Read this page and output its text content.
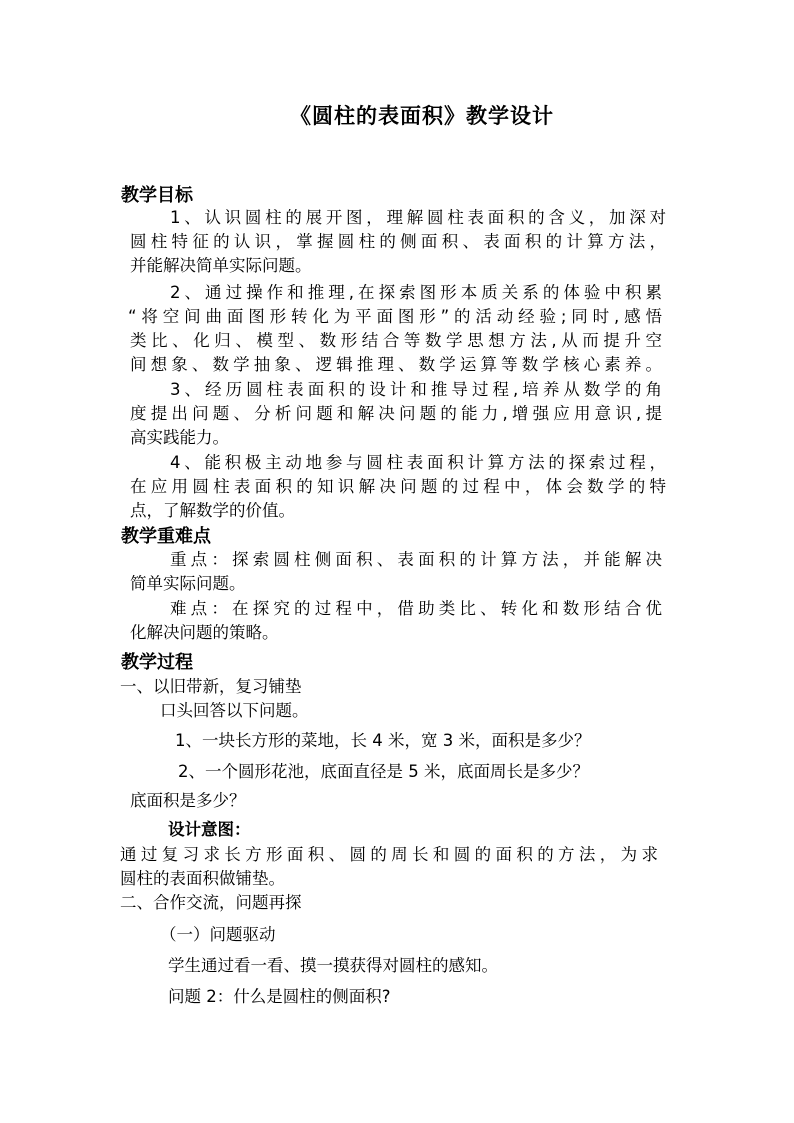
《圆柱的表面积》教学设计
教学目标
1、认识圆柱的展开图，理解圆柱表面积的含义，加深对
圆柱特征的认识，掌握圆柱的侧面积、表面积的计算方法，
并能解决简单实际问题。
2、通过操作和推理,在探索图形本质关系的体验中积累
“将空间曲面图形转化为平面图形”的活动经验;同时,感悟
类比、化归、模型、数形结合等数学思想方法,从而提升空
间想象、数学抽象、逻辑推理、数学运算等数学核心素养。
3、经历圆柱表面积的设计和推导过程,培养从数学的角
度提出问题、分析问题和解决问题的能力,增强应用意识,提
高实践能力。
4、能积极主动地参与圆柱表面积计算方法的探索过程，
在应用圆柱表面积的知识解决问题的过程中，体会数学的特
点，了解数学的价值。
教学重难点
重点：探索圆柱侧面积、表面积的计算方法，并能解决
简单实际问题。
难点：在探究的过程中，借助类比、转化和数形结合优
化解决问题的策略。
教学过程
一、以旧带新，复习铺垫
口头回答以下问题。
1、一块长方形的菜地，长 4 米，宽 3 米，面积是多少？
2、一个圆形花池，底面直径是 5 米，底面周长是多少？
底面积是多少？
设计意图：
通过复习求长方形面积、圆的周长和圆的面积的方法，为求
圆柱的表面积做铺垫。
二、合作交流，问题再探
（一）问题驱动
学生通过看一看、摸一摸获得对圆柱的感知。
问题 2：什么是圆柱的侧面积?
